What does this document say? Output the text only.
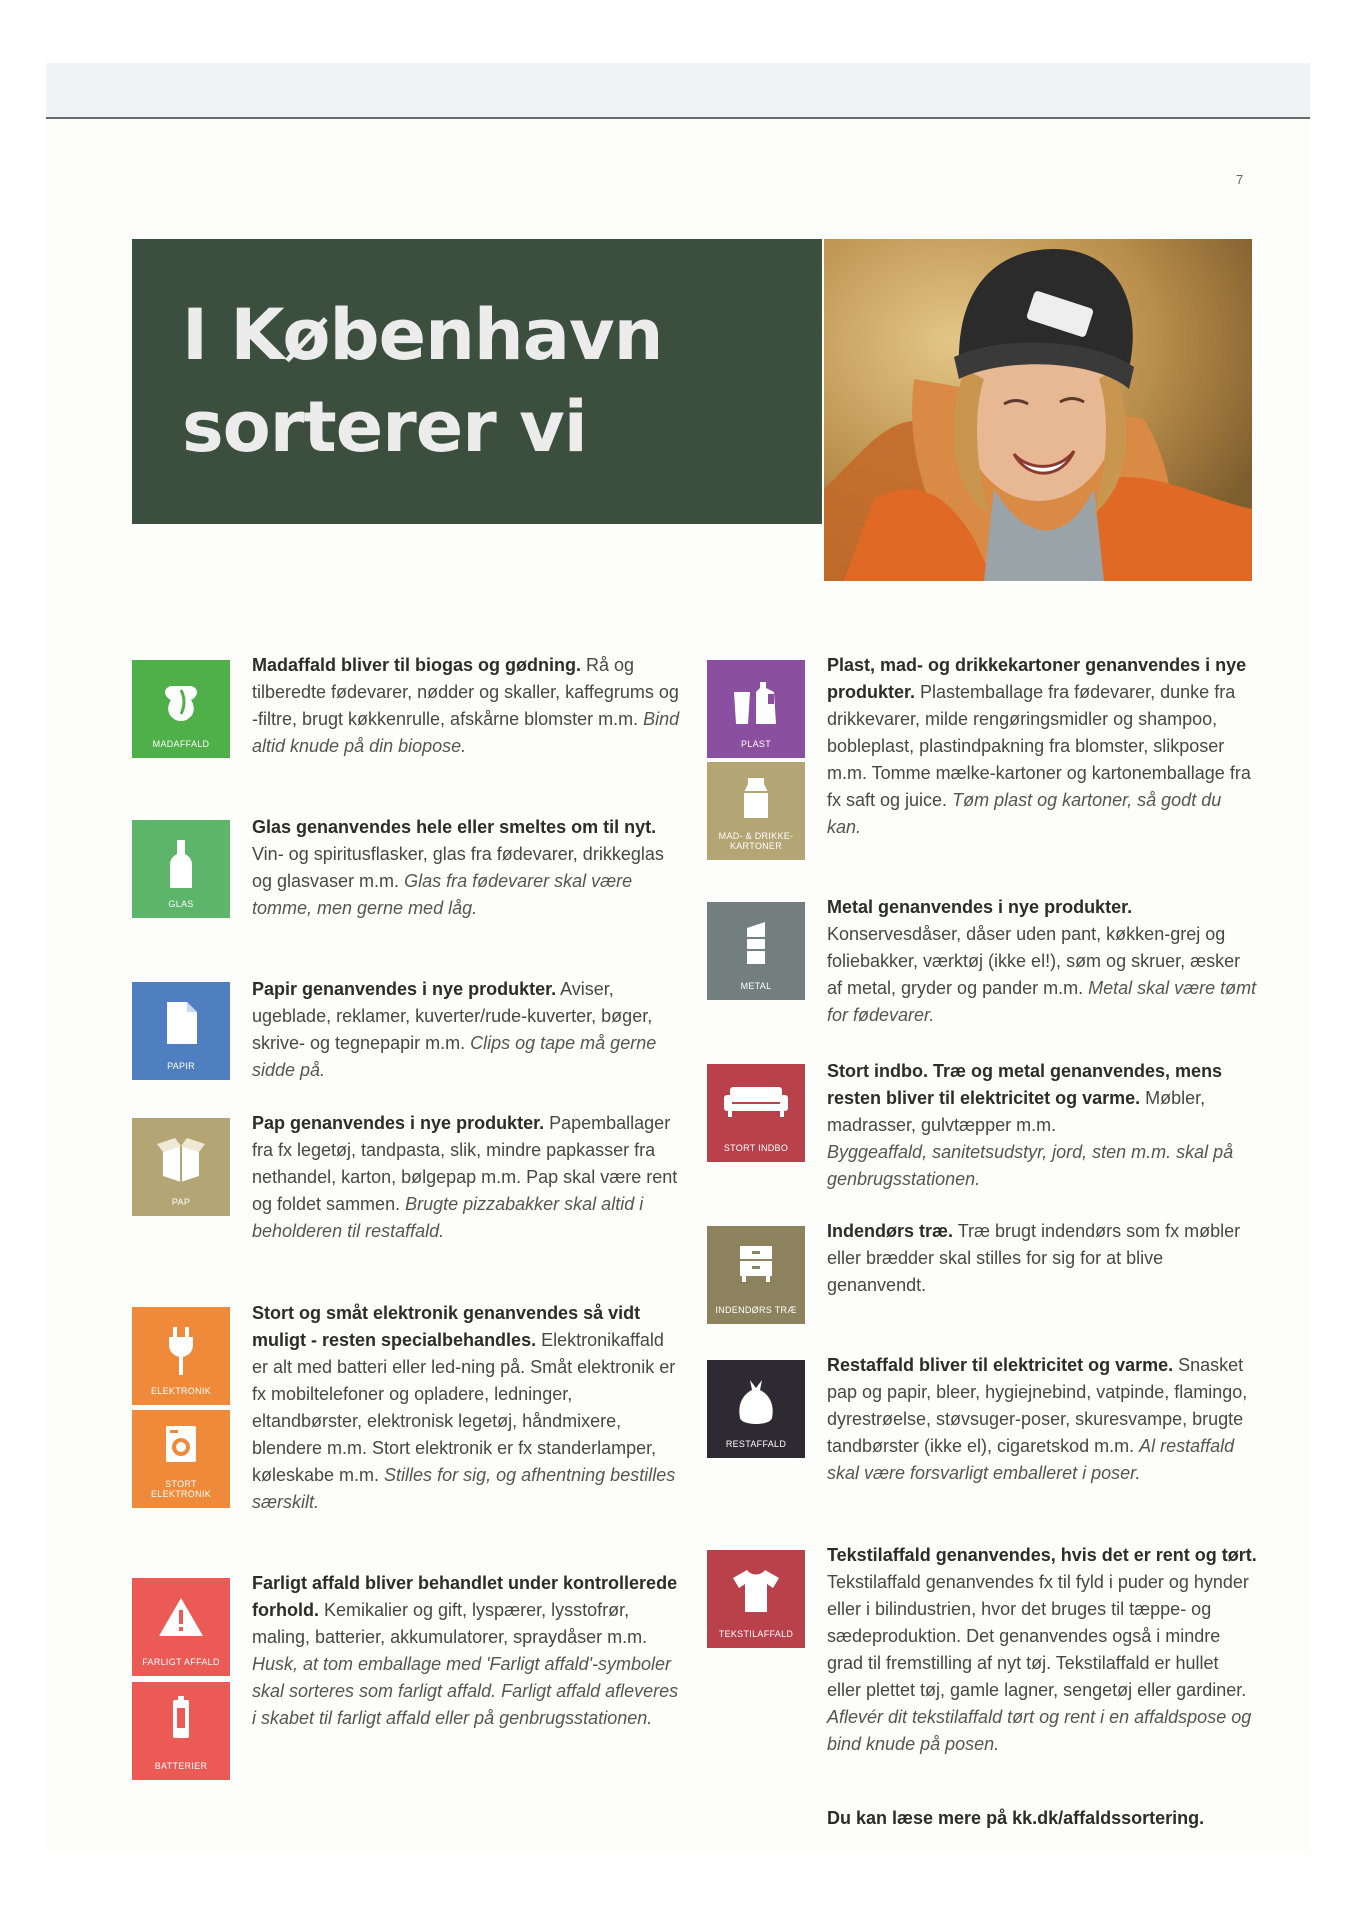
7
I København
sorterer vi
MADAFFALD
Madaffald bliver til biogas og gødning. Rå og tilberedte fødevarer, nødder og skaller, kaffegrums og -filtre, brugt køkkenrulle, afskårne blomster m.m. Bind altid knude på din biopose.
GLAS
Glas genanvendes hele eller smeltes om til nyt. Vin- og spiritusflasker, glas fra fødevarer, drikkeglas og glasvaser m.m. Glas fra fødevarer skal være tomme, men gerne med låg.
PAPIR
Papir genanvendes i nye produkter. Aviser, ugeblade, reklamer, kuverter/rude-kuverter, bøger, skrive- og tegnepapir m.m. Clips og tape må gerne sidde på.
PAP
Pap genanvendes i nye produkter. Papemballager fra fx legetøj, tandpasta, slik, mindre papkasser fra nethandel, karton, bølgepap m.m. Pap skal være rent og foldet sammen. Brugte pizzabakker skal altid i beholderen til restaffald.
ELEKTRONIK
STORT ELEKTRONIK
Stort og småt elektronik genanvendes så vidt muligt - resten specialbehandles. Elektronikaffald er alt med batteri eller led-ning på. Småt elektronik er fx mobiltelefoner og opladere, ledninger, eltandbørster, elektronisk legetøj, håndmixere, blendere m.m. Stort elektronik er fx standerlamper, køleskabe m.m. Stilles for sig, og afhentning bestilles særskilt.
FARLIGT AFFALD
BATTERIER
Farligt affald bliver behandlet under kontrollerede forhold. Kemikalier og gift, lyspærer, lysstofrør, maling, batterier, akkumulatorer, spraydåser m.m.
Husk, at tom emballage med 'Farligt affald'-symboler skal sorteres som farligt affald. Farligt affald afleveres i skabet til farligt affald eller på genbrugsstationen.
PLAST
MAD- & DRIKKE-KARTONER
Plast, mad- og drikkekartoner genanvendes i nye produkter. Plastemballage fra fødevarer, dunke fra drikkevarer, milde rengøringsmidler og shampoo, bobleplast, plastindpakning fra blomster, slikposer m.m. Tomme mælke-kartoner og kartonemballage fra fx saft og juice. Tøm plast og kartoner, så godt du kan.
METAL
Metal genanvendes i nye produkter. Konservesdåser, dåser uden pant, køkken-grej og foliebakker, værktøj (ikke el!), søm og skruer, æsker af metal, gryder og pander m.m. Metal skal være tømt for fødevarer.
STORT INDBO
Stort indbo. Træ og metal genanvendes, mens resten bliver til elektricitet og varme. Møbler, madrasser, gulvtæpper m.m.
Byggeaffald, sanitetsudstyr, jord, sten m.m. skal på genbrugsstationen.
INDENDØRS TRÆ
Indendørs træ. Træ brugt indendørs som fx møbler eller brædder skal stilles for sig for at blive genanvendt.
RESTAFFALD
Restaffald bliver til elektricitet og varme. Snasket pap og papir, bleer, hygiejnebind, vatpinde, flamingo, dyrestrøelse, støvsuger-poser, skuresvampe, brugte tandbørster (ikke el), cigaretskod m.m. Al restaffald skal være forsvarligt emballeret i poser.
TEKSTILAFFALD
Tekstilaffald genanvendes, hvis det er rent og tørt. Tekstilaffald genanvendes fx til fyld i puder og hynder eller i bilindustrien, hvor det bruges til tæppe- og sædeproduktion. Det genanvendes også i mindre grad til fremstilling af nyt tøj. Tekstilaffald er hullet eller plettet tøj, gamle lagner, sengetøj eller gardiner. Aflevér dit tekstilaffald tørt og rent i en affaldspose og bind knude på posen.
Du kan læse mere på kk.dk/affaldssortering.
